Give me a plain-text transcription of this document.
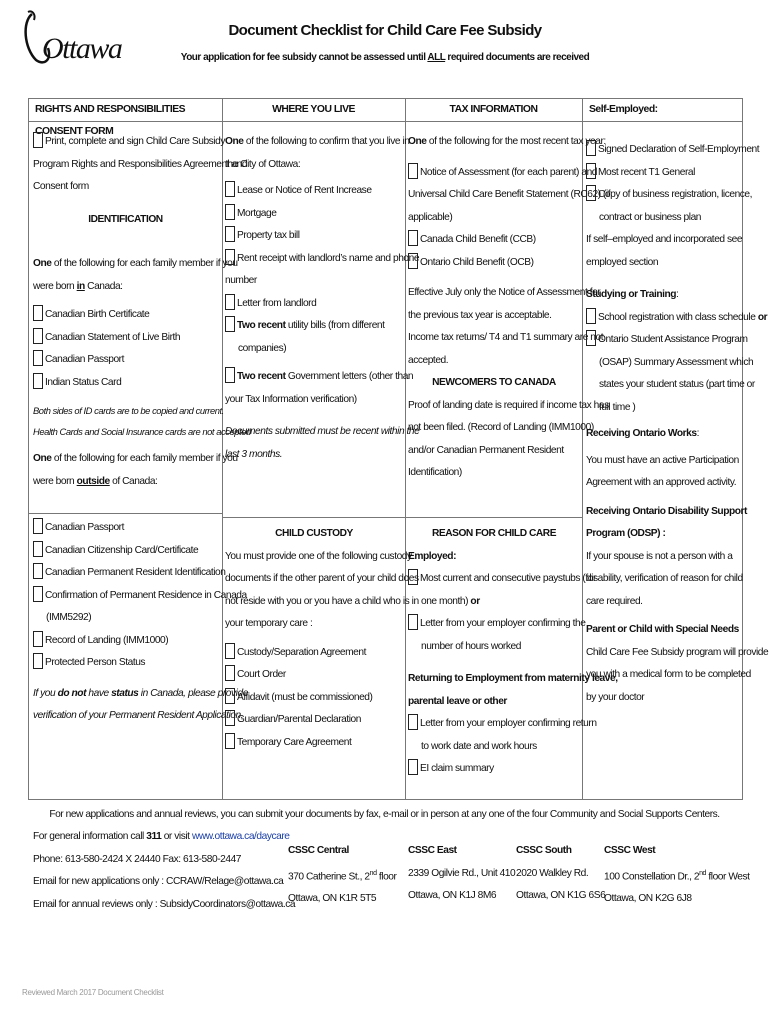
Ottawa
Document Checklist for Child Care Fee Subsidy
Your application for fee subsidy cannot be assessed until ALL required documents are received
RIGHTS AND RESPONSIBILITIES CONSENT FORM
WHERE YOU LIVE	TAX INFORMATION	Self-Employed:
Print, complete and sign Child Care Subsidy
Program Rights and Responsibilities Agreement and
Consent form
IDENTIFICATION
One of the following for each family member if you
were born in Canada:
Canadian Birth Certificate
Canadian Statement of Live Birth
Canadian Passport
Indian Status Card
Both sides of ID cards are to be copied and current.
Health Cards and Social Insurance cards are not accepted
One of the following for each family member if you
were born outside of Canada:
Canadian Passport
Canadian Citizenship Card/Certificate
Canadian Permanent Resident Identification
Confirmation of Permanent Residence in Canada
(IMM5292)
Record of Landing (IMM1000)
Protected Person Status
If you do not have status in Canada, please provide
verification of your Permanent Resident Application.
One of the following to confirm that you live in
the City of Ottawa:
Lease or Notice of Rent Increase
Mortgage
Property tax bill
Rent receipt with landlord’s name and phone
number
Letter from landlord
Two recent utility bills (from different
companies)
Two recent Government letters (other than
your Tax Information verification)
Documents submitted must be recent within the
last 3 months.
CHILD CUSTODY
You must provide one of the following custody
documents if the other parent of your child does
not reside with you or you have a child who is in
your temporary care :
Custody/Separation Agreement
Court Order
Affidavit (must be commissioned)
Guardian/Parental Declaration
Temporary Care Agreement
One of the following for the most recent tax year:
Notice of Assessment (for each parent) and
Universal Child Care Benefit Statement (RC62) (if
applicable)
Canada Child Benefit (CCB)
Ontario Child Benefit (OCB)
Effective July only the Notice of Assessment for
the previous tax year is acceptable.
Income tax returns/ T4 and T1 summary are not
accepted.
NEWCOMERS TO CANADA
Proof of landing date is required if income tax has
not been filed. (Record of Landing (IMM1000)
and/or Canadian Permanent Resident
Identification)
REASON FOR CHILD CARE
Employed:
Most current and consecutive paystubs (for
one month) or
Letter from your employer confirming the
number of hours worked
Returning to Employment from maternity leave,
parental leave or other
Letter from your employer confirming return
to work date and work hours
EI claim summary
Signed Declaration of Self-Employment
Most recent T1 General
Copy of business registration, licence,
contract or business plan
If self–employed and incorporated see
employed section
Studying or Training:
School registration with class schedule or
Ontario Student Assistance Program
(OSAP) Summary Assessment which
states your student status (part time or
full time )
Receiving Ontario Works:
You must have an active Participation
Agreement with an approved activity.
Receiving Ontario Disability Support
Program (ODSP) :
If your spouse is not a person with a
disability, verification of reason for child
care required.
Parent or Child with Special Needs
Child Care Fee Subsidy program will provide
you with a medical form to be completed
by your doctor
For new applications and annual reviews, you can submit your documents by fax, e-mail or in person at any one of the four Community and Social Supports Centers.
For general information call 311 or visit www.ottawa.ca/daycare
Phone: 613-580-2424 X 24440 Fax: 613-580-2447
Email for new applications only : CCRAW/Relage@ottawa.ca
Email for annual reviews only : SubsidyCoordinators@ottawa.ca
CSSC Central
370 Catherine St., 2nd floor
Ottawa, ON K1R 5T5
CSSC East
2339 Ogilvie Rd., Unit 410
Ottawa, ON K1J 8M6
CSSC South
2020 Walkley Rd.
Ottawa, ON K1G 6S6
CSSC West
100 Constellation Dr., 2nd floor West
Ottawa, ON K2G 6J8
Reviewed March 2017 Document Checklist
